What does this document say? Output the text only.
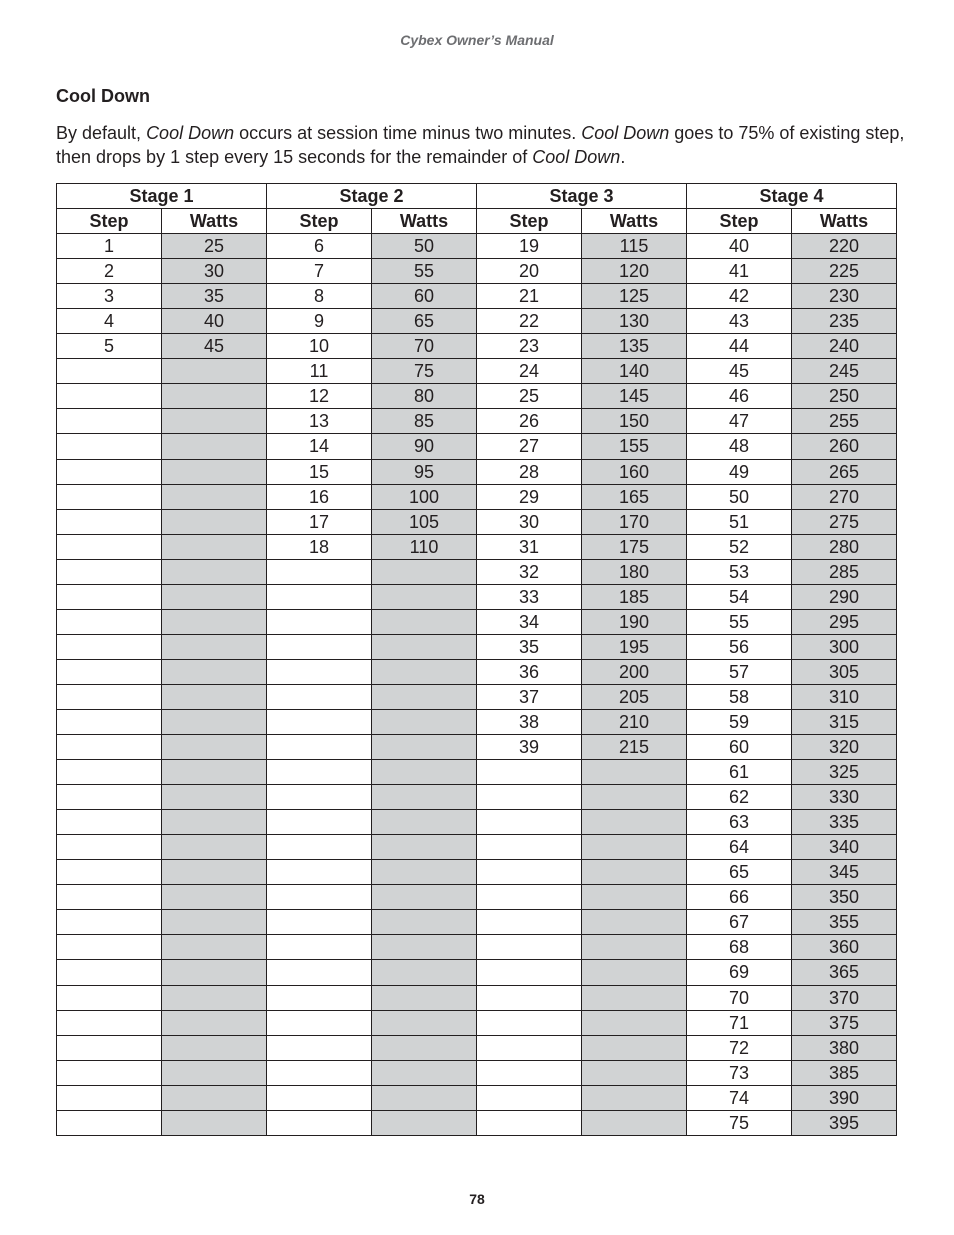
Cybex Owner’s Manual
Cool Down

By default, Cool Down occurs at session time minus two minutes. Cool Down goes to 75% of existing step, then drops by 1 step every 15 seconds for the remainder of Cool Down.

Stage 1		Stage 2		Stage 3		Stage 4	
Step	Watts	Step	Watts	Step	Watts	Step	Watts
1	25	6	50	19	115	40	220
2	30	7	55	20	120	41	225
3	35	8	60	21	125	42	230
4	40	9	65	22	130	43	235
5	45	10	70	23	135	44	240
		11	75	24	140	45	245
		12	80	25	145	46	250
		13	85	26	150	47	255
		14	90	27	155	48	260
		15	95	28	160	49	265
		16	100	29	165	50	270
		17	105	30	170	51	275
		18	110	31	175	52	280
				32	180	53	285
				33	185	54	290
				34	190	55	295
				35	195	56	300
				36	200	57	305
				37	205	58	310
				38	210	59	315
				39	215	60	320
						61	325
						62	330
						63	335
						64	340
						65	345
						66	350
						67	355
						68	360
						69	365
						70	370
						71	375
						72	380
						73	385
						74	390
						75	395
78
